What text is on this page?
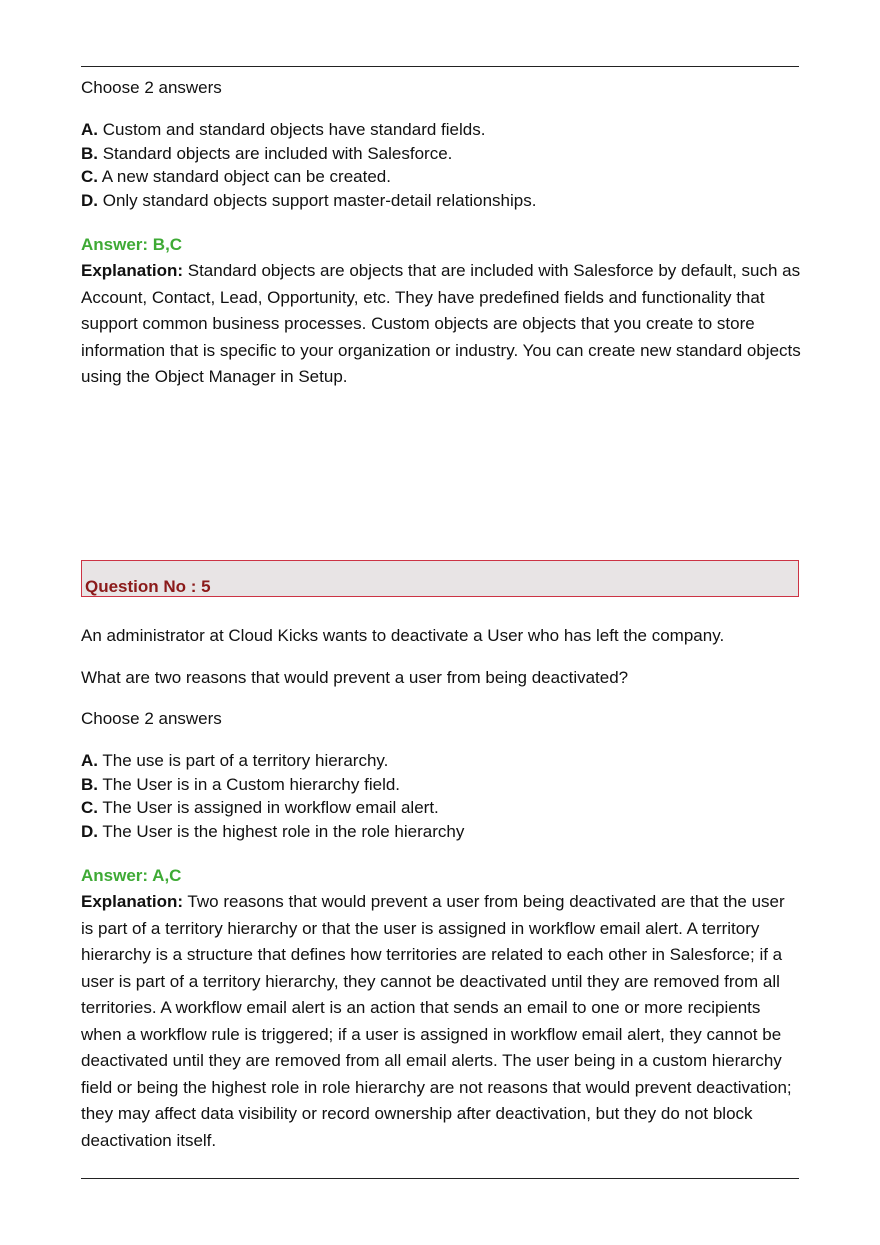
Choose 2 answers
A. Custom and standard objects have standard fields.
B. Standard objects are included with Salesforce.
C. A new standard object can be created.
D. Only standard objects support master-detail relationships.
Answer: B,C
Explanation: Standard objects are objects that are included with Salesforce by default, such as Account, Contact, Lead, Opportunity, etc. They have predefined fields and functionality that support common business processes. Custom objects are objects that you create to store information that is specific to your organization or industry. You can create new standard objects using the Object Manager in Setup.
Question No : 5
An administrator at Cloud Kicks wants to deactivate a User who has left the company.
What are two reasons that would prevent a user from being deactivated?
Choose 2 answers
A. The use is part of a territory hierarchy.
B. The User is in a Custom hierarchy field.
C. The User is assigned in workflow email alert.
D. The User is the highest role in the role hierarchy
Answer: A,C
Explanation: Two reasons that would prevent a user from being deactivated are that the user is part of a territory hierarchy or that the user is assigned in workflow email alert. A territory hierarchy is a structure that defines how territories are related to each other in Salesforce; if a user is part of a territory hierarchy, they cannot be deactivated until they are removed from all territories. A workflow email alert is an action that sends an email to one or more recipients when a workflow rule is triggered; if a user is assigned in workflow email alert, they cannot be deactivated until they are removed from all email alerts. The user being in a custom hierarchy field or being the highest role in role hierarchy are not reasons that would prevent deactivation; they may affect data visibility or record ownership after deactivation, but they do not block deactivation itself.
